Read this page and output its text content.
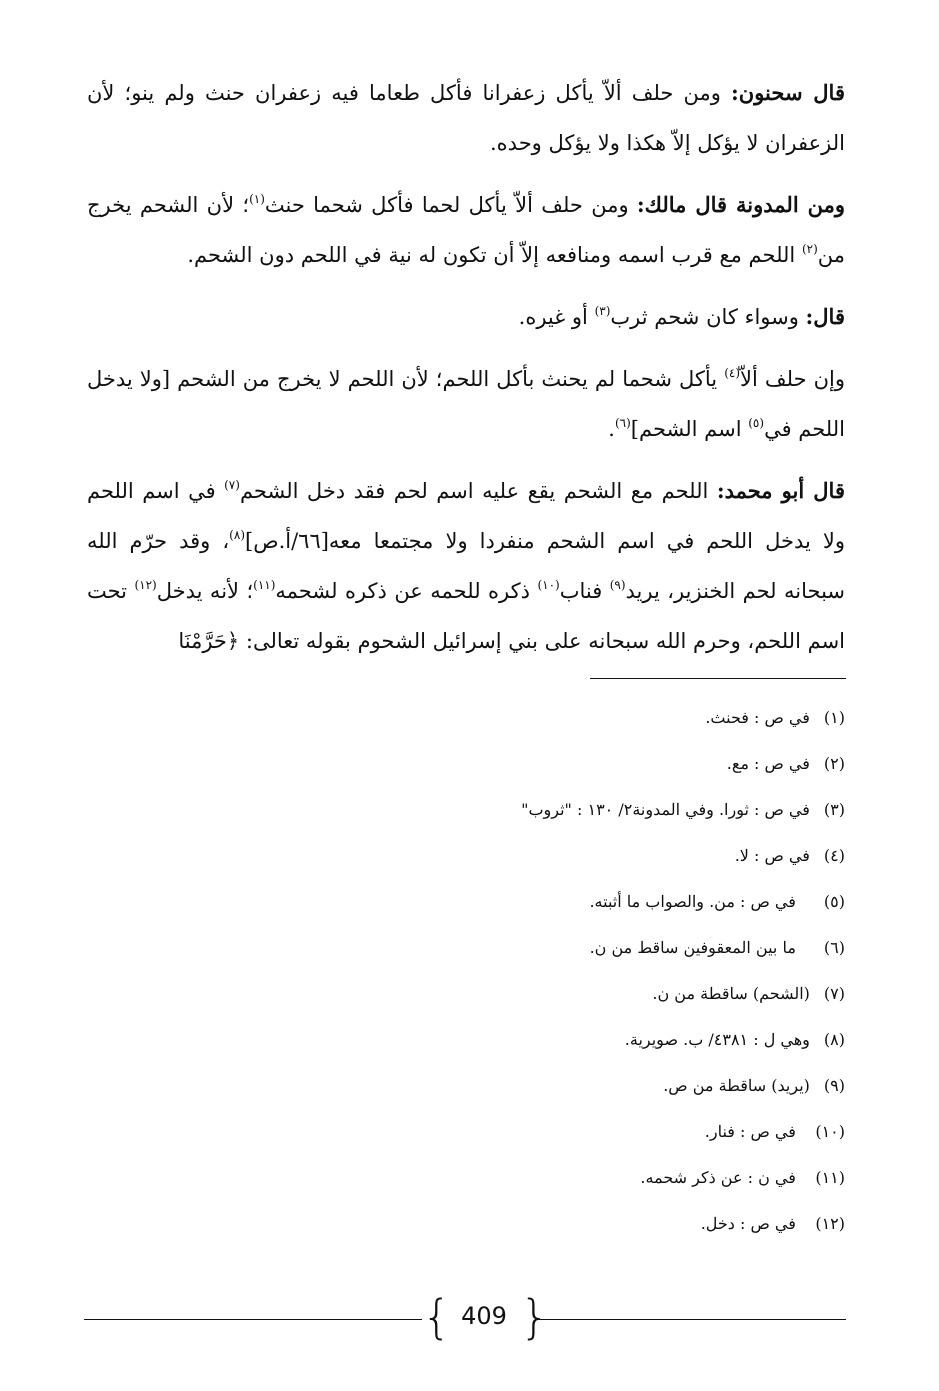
قال سحنون: ومن حلف ألاّ يأكل زعفرانا فأكل طعاما فيه زعفران حنث ولم ينو؛ لأن الزعفران لا يؤكل إلاّ هكذا ولا يؤكل وحده.

ومن المدونة قال مالك: ومن حلف ألاّ يأكل لحما فأكل شحما حنث$^{(١)}$؛ لأن الشحم يخرج من$^{(٢)}$ اللحم مع قرب اسمه ومنافعه إلاّ أن تكون له نية في اللحم دون الشحم.

قال: وسواء كان شحم ثرب$^{(٣)}$ أو غيره.

وإن حلف ألاّ$^{(٤)}$ يأكل شحما لم يحنث بأكل اللحم؛ لأن اللحم لا يخرج من الشحم [ولا يدخل اللحم في$^{(٥)}$ اسم الشحم]$^{(٦)}$.

قال أبو محمد: اللحم مع الشحم يقع عليه اسم لحم فقد دخل الشحم$^{(٧)}$ في اسم اللحم ولا يدخل اللحم في اسم الشحم منفردا ولا مجتمعا معه[٦٦/أ.ص]$^{(٨)}$، وقد حرّم الله سبحانه لحم الخنزير، يريد$^{(٩)}$ فناب$^{(١٠)}$ ذكره للحمه عن ذكره لشحمه$^{(١١)}$؛ لأنه يدخل$^{(١٢)}$ تحت اسم اللحم، وحرم الله سبحانه على بني إسرائيل الشحوم بقوله تعالى: ﴿حَرَّمْنَا

(١) في ص : فحنث.
(٢) في ص : مع.
(٣) في ص : ثورا. وفي المدونة٢/ ١٣٠ : "ثروب"
(٤) في ص : لا.
(٥) في ص : من. والصواب ما أثبته.
(٦) ما بين المعقوفين ساقط من ن.
(٧) (الشحم) ساقطة من ن.
(٨) وهي ل : ٤٣٨١/ ب. صويرية.
(٩) (يريد) ساقطة من ص.
(١٠) في ص : فنار.
(١١) في ن : عن ذكر شحمه.
(١٢) في ص : دخل.
{ 409 }
